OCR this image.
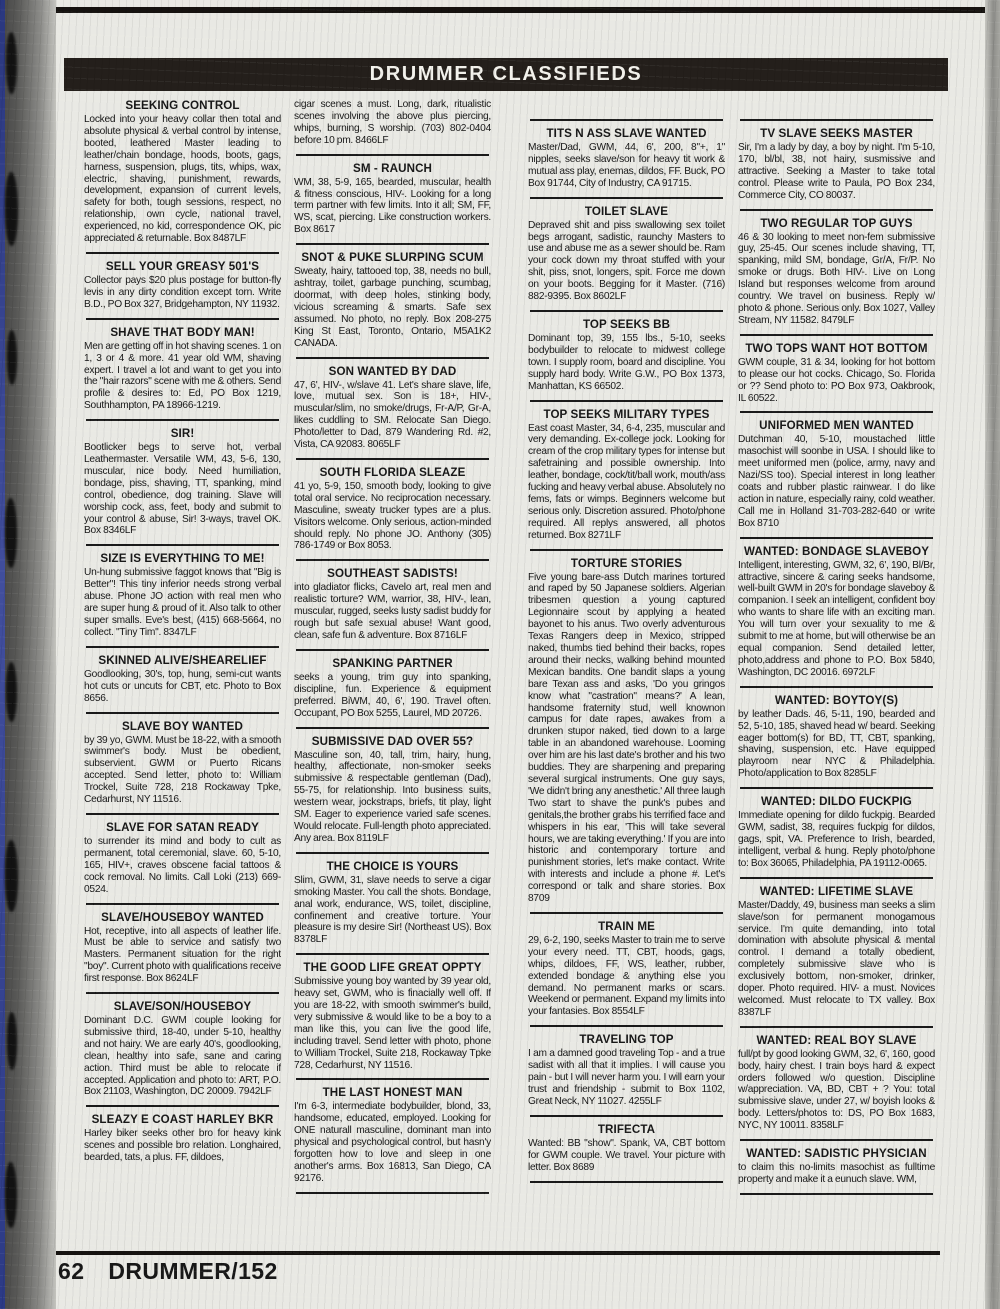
DRUMMER CLASSIFIEDS
SEEKING CONTROL
Locked into your heavy collar then total and absolute physical & verbal control by intense, booted, leathered Master leading to leather/chain bondage, hoods, boots, gags, harness, suspension, plugs, tits, whips, wax, electric, shaving, punishment, rewards, development, expansion of current levels, safety for both, tough sessions, respect, no relationship, own cycle, national travel, experienced, no kid, correspondence OK, pic appreciated & returnable. Box 8487LF
SELL YOUR GREASY 501'S
Collector pays $20 plus postage for button-fly levis in any dirty condition except torn. Write B.D., PO Box 327, Bridgehampton, NY 11932.
SHAVE THAT BODY MAN!
Men are getting off in hot shaving scenes. 1 on 1, 3 or 4 & more. 41 year old WM, shaving expert. I travel a lot and want to get you into the "hair razors" scene with me & others. Send profile & desires to: Ed, PO Box 1219, Southhampton, PA 18966-1219.
SIR!
Bootlicker begs to serve hot, verbal Leathermaster. Versatile WM, 43, 5-6, 130, muscular, nice body. Need humiliation, bondage, piss, shaving, TT, spanking, mind control, obedience, dog training. Slave will worship cock, ass, feet, body and submit to your control & abuse, Sir! 3-ways, travel OK. Box 8346LF
SIZE IS EVERYTHING TO ME!
Un-hung submissive faggot knows that "Big is Better"! This tiny inferior needs strong verbal abuse. Phone JO action with real men who are super hung & proud of it. Also talk to other super smalls. Eve's best, (415) 668-5664, no collect. "Tiny Tim". 8347LF
SKINNED ALIVE/SHEARELIEF
Goodlooking, 30's, top, hung, semi-cut wants hot cuts or uncuts for CBT, etc. Photo to Box 8656.
SLAVE BOY WANTED
by 39 yo, GWM. Must be 18-22, with a smooth swimmer's body. Must be obedient, subservient. GWM or Puerto Ricans accepted. Send letter, photo to: William Trockel, Suite 728, 218 Rockaway Tpke, Cedarhurst, NY 11516.
SLAVE FOR SATAN READY
to surrender its mind and body to cult as permanent, total ceremonial, slave. 60, 5-10, 165, HIV+, craves obscene facial tattoos & cock removal. No limits. Call Loki (213) 669-0524.
SLAVE/HOUSEBOY WANTED
Hot, receptive, into all aspects of leather life. Must be able to service and satisfy two Masters. Permanent situation for the right "boy". Current photo with qualifications receive first response. Box 8624LF
SLAVE/SON/HOUSEBOY
Dominant D.C. GWM couple looking for submissive third, 18-40, under 5-10, healthy and not hairy. We are early 40's, goodlooking, clean, healthy into safe, sane and caring action. Third must be able to relocate if accepted. Application and photo to: ART, P.O. Box 21103, Washington, DC 20009. 7942LF
SLEAZY E COAST HARLEY BKR
Harley biker seeks other bro for heavy kink scenes and possible bro relation. Longhaired, bearded, tats, a plus. FF, dildoes,
cigar scenes a must. Long, dark, ritualistic scenes involving the above plus piercing, whips, burning, S worship. (703) 802-0404 before 10 pm. 8466LF
SM - RAUNCH
WM, 38, 5-9, 165, bearded, muscular, health & fitness conscious, HIV-. Looking for a long term partner with few limits. Into it all; SM, FF, WS, scat, piercing. Like construction workers. Box 8617
SNOT & PUKE SLURPING SCUM
Sweaty, hairy, tattooed top, 38, needs no bull, ashtray, toilet, garbage punching, scumbag, doormat, with deep holes, stinking body, vicious screaming & smarts. Safe sex assumed. No photo, no reply. Box 208-275 King St East, Toronto, Ontario, M5A1K2 CANADA.
SON WANTED BY DAD
47, 6', HIV-, w/slave 41. Let's share slave, life, love, mutual sex. Son is 18+, HIV-, muscular/slim, no smoke/drugs, Fr-A/P, Gr-A, likes cuddling to SM. Relocate San Diego. Photo/letter to Dad, 879 Wandering Rd. #2, Vista, CA 92083. 8065LF
SOUTH FLORIDA SLEAZE
41 yo, 5-9, 150, smooth body, looking to give total oral service. No reciprocation necessary. Masculine, sweaty trucker types are a plus. Visitors welcome. Only serious, action-minded should reply. No phone JO. Anthony (305) 786-1749 or Box 8053.
SOUTHEAST SADISTS!
into gladiator flicks, Cavelo art, real men and realistic torture? WM, warrior, 38, HIV-, lean, muscular, rugged, seeks lusty sadist buddy for rough but safe sexual abuse! Want good, clean, safe fun & adventure. Box 8716LF
SPANKING PARTNER
seeks a young, trim guy into spanking, discipline, fun. Experience & equipment preferred. BiWM, 40, 6', 190. Travel often. Occupant, PO Box 5255, Laurel, MD 20726.
SUBMISSIVE DAD OVER 55?
Masculine son, 40, tall, trim, hairy, hung, healthy, affectionate, non-smoker seeks submissive & respectable gentleman (Dad), 55-75, for relationship. Into business suits, western wear, jockstraps, briefs, tit play, light SM. Eager to experience varied safe scenes. Would relocate. Full-length photo appreciated. Any area. Box 8119LF
THE CHOICE IS YOURS
Slim, GWM, 31, slave needs to serve a cigar smoking Master. You call the shots. Bondage, anal work, endurance, WS, toilet, discipline, confinement and creative torture. Your pleasure is my desire Sir! (Northeast US). Box 8378LF
THE GOOD LIFE GREAT OPPTY
Submissive young boy wanted by 39 year old, heavy set, GWM, who is finacially well off. If you are 18-22, with smooth swimmer's build, very submissive & would like to be a boy to a man like this, you can live the good life, including travel. Send letter with photo, phone to William Trockel, Suite 218, Rockaway Tpke 728, Cedarhurst, NY 11516.
THE LAST HONEST MAN
I'm 6-3, intermediate bodybuilder, blond, 33, handsome, educated, employed. Looking for ONE naturall masculine, dominant man into physical and psychological control, but hasn'y forgotten how to love and sleep in one another's arms. Box 16813, San Diego, CA 92176.
TITS N ASS SLAVE WANTED
Master/Dad, GWM, 44, 6', 200, 8"+, 1" nipples, seeks slave/son for heavy tit work & mutual ass play, enemas, dildos, FF. Buck, PO Box 91744, City of Industry, CA 91715.
TOILET SLAVE
Depraved shit and piss swallowing sex toilet begs arrogant, sadistic, raunchy Masters to use and abuse me as a sewer should be. Ram your cock down my throat stuffed with your shit, piss, snot, longers, spit. Force me down on your boots. Begging for it Master. (716) 882-9395. Box 8602LF
TOP SEEKS BB
Dominant top, 39, 155 lbs., 5-10, seeks bodybuilder to relocate to midwest college town. I supply room, board and discipline. You supply hard body. Write G.W., PO Box 1373, Manhattan, KS 66502.
TOP SEEKS MILITARY TYPES
East coast Master, 34, 6-4, 235, muscular and very demanding. Ex-college jock. Looking for cream of the crop military types for intense but safetraining and possible ownership. Into leather, bondage, cock/tit/ball work, mouth/ass fucking and heavy verbal abuse. Absolutely no fems, fats or wimps. Beginners welcome but serious only. Discretion assured. Photo/phone required. All replys answered, all photos returned. Box 8271LF
TORTURE STORIES
Five young bare-ass Dutch marines tortured and raped by 50 Japanese soldiers. Algerian tribesmen question a young captured Legionnaire scout by applying a heated bayonet to his anus. Two overly adventurous Texas Rangers deep in Mexico, stripped naked, thumbs tied behind their backs, ropes around their necks, walking behind mounted Mexican bandits. One bandit slaps a young bare Texan ass and asks, 'Do you gringos know what "castration" means?' A lean, handsome fraternity stud, well knownon campus for date rapes, awakes from a drunken stupor naked, tied down to a large table in an abandoned warehouse. Looming over him are his last date's brother and his two buddies. They are sharpening and preparing several surgical instruments. One guy says, 'We didn't bring any anesthetic.' All three laugh Two start to shave the punk's pubes and genitals,the brother grabs his terrified face and whispers in his ear, 'This will take several hours, we are taking everything.' If you are into historic and contemporary torture and punishment stories, let's make contact. Write with interests and include a phone #. Let's correspond or talk and share stories. Box 8709
TRAIN ME
29, 6-2, 190, seeks Master to train me to serve your every need. TT, CBT, hoods, gags, whips, dildoes, FF, WS, leather, rubber, extended bondage & anything else you demand. No permanent marks or scars. Weekend or permanent. Expand my limits into your fantasies. Box 8554LF
TRAVELING TOP
I am a damned good traveling Top - and a true sadist with all that it implies. I will cause you pain - but I will never harm you. I will earn your trust and friendship - submit to Box 1102, Great Neck, NY 11027. 4255LF
TRIFECTA
Wanted: BB "show". Spank, VA, CBT bottom for GWM couple. We travel. Your picture with letter. Box 8689
TV SLAVE SEEKS MASTER
Sir, I'm a lady by day, a boy by night. I'm 5-10, 170, bl/bl, 38, not hairy, susmissive and attractive. Seeking a Master to take total control. Please write to Paula, PO Box 234, Commerce City, CO 80037.
TWO REGULAR TOP GUYS
46 & 30 looking to meet non-fem submissive guy, 25-45. Our scenes include shaving, TT, spanking, mild SM, bondage, Gr/A, Fr/P. No smoke or drugs. Both HIV-. Live on Long Island but responses welcome from around country. We travel on business. Reply w/ photo & phone. Serious only. Box 1027, Valley Stream, NY 11582. 8479LF
TWO TOPS WANT HOT BOTTOM
GWM couple, 31 & 34, looking for hot bottom to please our hot cocks. Chicago, So. Florida or ?? Send photo to: PO Box 973, Oakbrook, IL 60522.
UNIFORMED MEN WANTED
Dutchman 40, 5-10, moustached little masochist will soonbe in USA. I should like to meet uniformed men (police, army, navy and Nazi/SS too). Special interest in long leather coats and rubber plastic rainwear. I do like action in nature, especially rainy, cold weather. Call me in Holland 31-703-282-640 or write Box 8710
WANTED: BONDAGE SLAVEBOY
Intelligent, interesting, GWM, 32, 6', 190, Bl/Br, attractive, sincere & caring seeks handsome, well-built GWM in 20's for bondage slaveboy & companion. I seek an intelligent, confident boy who wants to share life with an exciting man. You will turn over your sexuality to me & submit to me at home, but will otherwise be an equal companion. Send detailed letter, photo,address and phone to P.O. Box 5840, Washington, DC 20016. 6972LF
WANTED: BOYTOY(S)
by leather Dads. 46, 5-11, 190, bearded and 52, 5-10, 185, shaved head w/ beard. Seeking eager bottom(s) for BD, TT, CBT, spanking, shaving, suspension, etc. Have equipped playroom near NYC & Philadelphia. Photo/application to Box 8285LF
WANTED: DILDO FUCKPIG
Immediate opening for dildo fuckpig. Bearded GWM, sadist, 38, requires fuckpig for dildos, gags, spit, VA. Preference to Irish, bearded, intelligent, verbal & hung. Reply photo/phone to: Box 36065, Philadelphia, PA 19112-0065.
WANTED: LIFETIME SLAVE
Master/Daddy, 49, business man seeks a slim slave/son for permanent monogamous service. I'm quite demanding, into total domination with absolute physical & mental control. I demand a totally obedient, completely submissive slave who is exclusively bottom, non-smoker, drinker, doper. Photo required. HIV- a must. Novices welcomed. Must relocate to TX valley. Box 8387LF
WANTED: REAL BOY SLAVE
full/pt by good looking GWM, 32, 6', 160, good body, hairy chest. I train boys hard & expect orders followed w/o question. Discipline w/appreciation. VA, BD, CBT + ? You: total submissive slave, under 27, w/ boyish looks & body. Letters/photos to: DS, PO Box 1683, NYC, NY 10011. 8358LF
WANTED: SADISTIC PHYSICIAN
to claim this no-limits masochist as fulltime property and make it a eunuch slave. WM,
62 DRUMMER/152
